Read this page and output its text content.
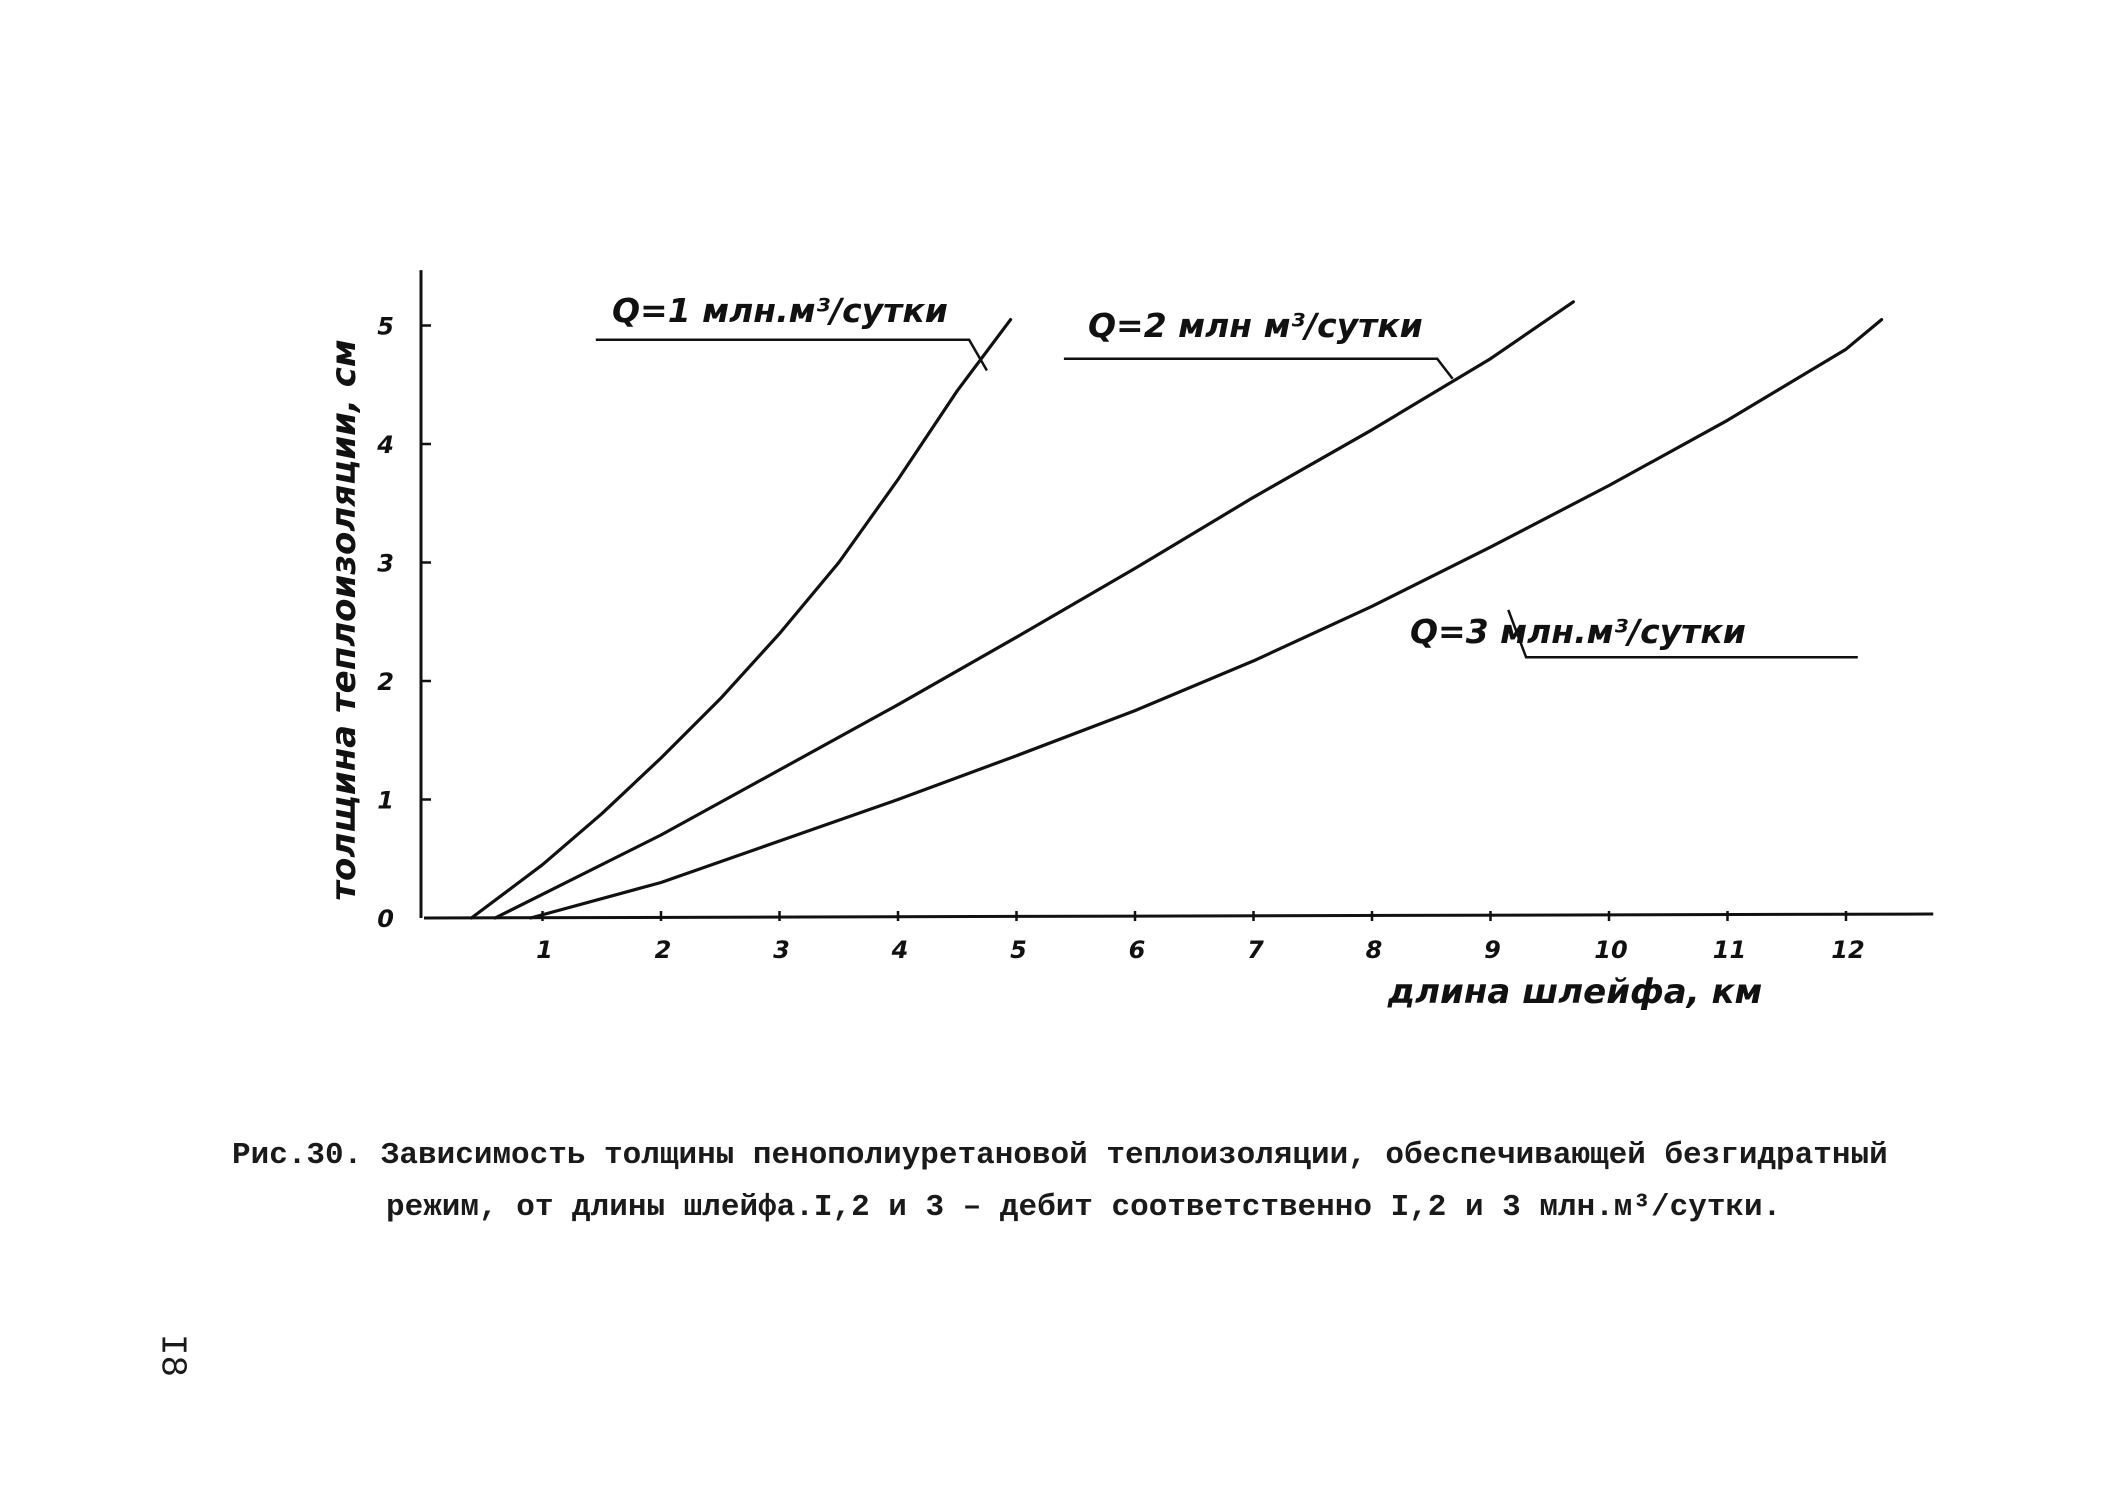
1	2	3	4	5	6	7	8	9	10	11	12
0
1
2
3
4
5
длина шлейфа, км
толщина теплоизоляции, см
Q=1 млн.м³/сутки	Q=2 млн м³/сутки
Q=3 млн.м³/сутки
Рис.30. Зависимость толщины пенополиуретановой теплоизоляции, обеспечивающей безгидратный
режим, от длины шлейфа.I,2 и 3 – дебит соответственно I,2 и 3 млн.м³/сутки.
I8
